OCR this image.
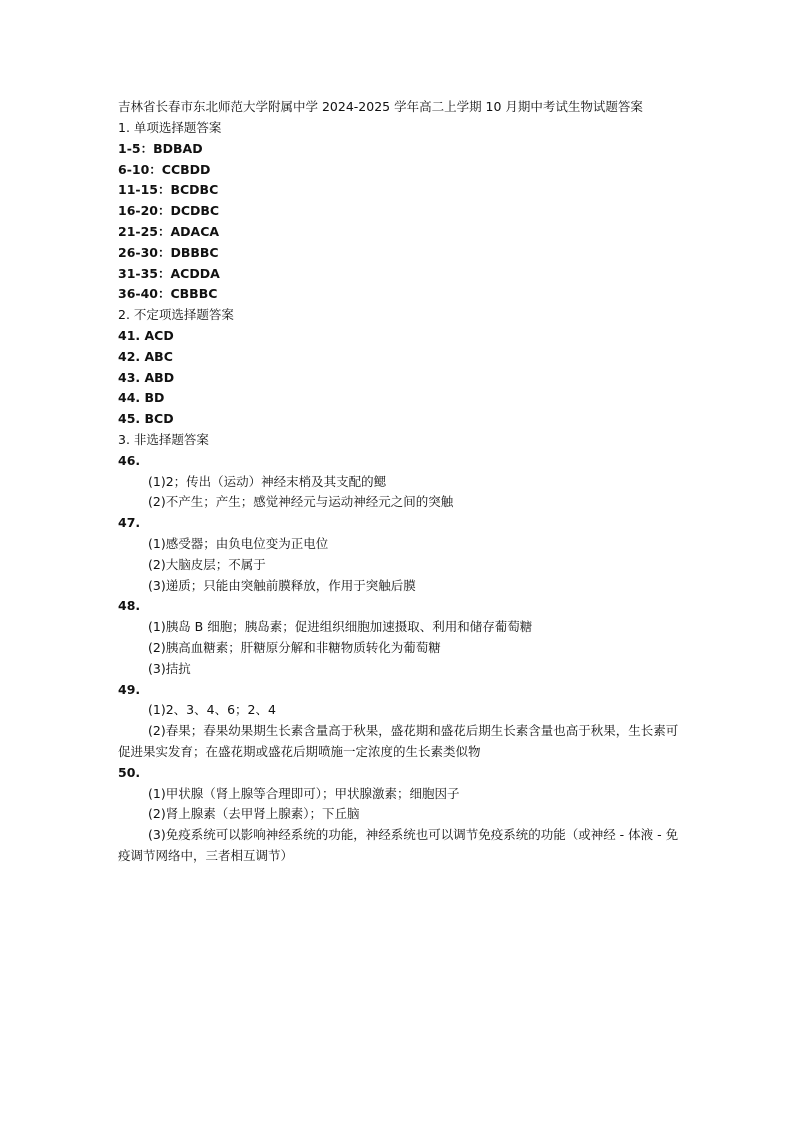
吉林省长春市东北师范大学附属中学 2024-2025 学年高二上学期 10 月期中考试生物试题答案
1. 单项选择题答案
1-5：BDBAD
6-10：CCBDD
11-15：BCDBC
16-20：DCDBC
21-25：ADACA
26-30：DBBBC
31-35：ACDDA
36-40：CBBBC
2. 不定项选择题答案
41. ACD
42. ABC
43. ABD
44. BD
45. BCD
3. 非选择题答案
46.
(1)2；传出（运动）神经末梢及其支配的鳃
(2)不产生；产生；感觉神经元与运动神经元之间的突触
47.
(1)感受器；由负电位变为正电位
(2)大脑皮层；不属于
(3)递质；只能由突触前膜释放，作用于突触后膜
48.
(1)胰岛 B 细胞；胰岛素；促进组织细胞加速摄取、利用和储存葡萄糖
(2)胰高血糖素；肝糖原分解和非糖物质转化为葡萄糖
(3)拮抗
49.
(1)2、3、4、6；2、4
(2)春果；春果幼果期生长素含量高于秋果，盛花期和盛花后期生长素含量也高于秋果，生长素可促进果实发育；在盛花期或盛花后期喷施一定浓度的生长素类似物
50.
(1)甲状腺（肾上腺等合理即可）；甲状腺激素；细胞因子
(2)肾上腺素（去甲肾上腺素）；下丘脑
(3)免疫系统可以影响神经系统的功能，神经系统也可以调节免疫系统的功能（或神经 - 体液 - 免疫调节网络中，三者相互调节）
